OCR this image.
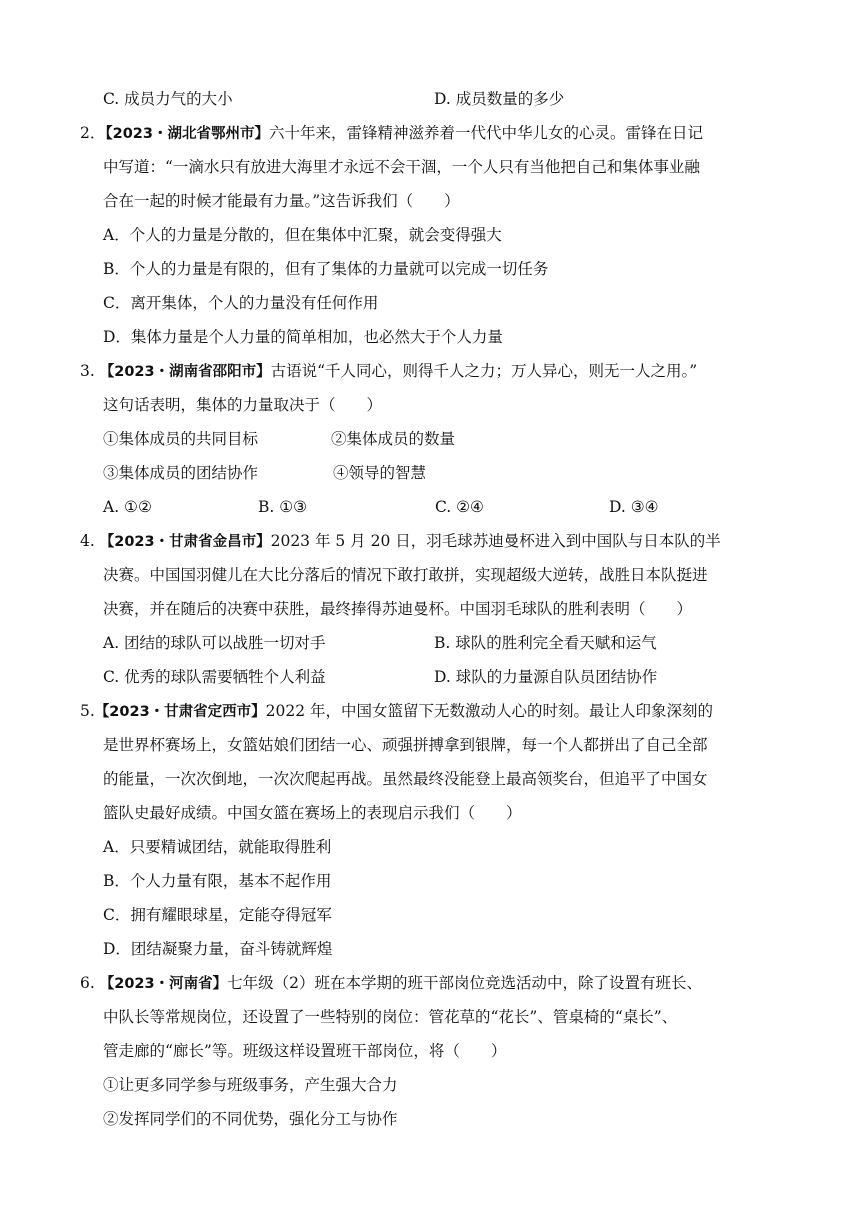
C. 成员力气的大小	D. 成员数量的多少
2．【2023・湖北省鄂州市】六十年来，雷锋精神滋养着一代代中华儿女的心灵。雷锋在日记
中写道：“一滴水只有放进大海里才永远不会干涸，一个人只有当他把自己和集体事业融
合在一起的时候才能最有力量。”这告诉我们（　　）
A．个人的力量是分散的，但在集体中汇聚，就会变得强大
B．个人的力量是有限的，但有了集体的力量就可以完成一切任务
C．离开集体，个人的力量没有任何作用
D．集体力量是个人力量的简单相加，也必然大于个人力量
3. 【2023・湖南省邵阳市】古语说“千人同心，则得千人之力；万人异心，则无一人之用。”
这句话表明，集体的力量取决于（　　）
①集体成员的共同目标	②集体成员的数量
③集体成员的团结协作	④领导的智慧
A. ①②	B. ①③	C. ②④	D. ③④
4. 【2023・甘肃省金昌市】2023 年 5 月 20 日，羽毛球苏迪曼杯进入到中国队与日本队的半
决赛。中国国羽健儿在大比分落后的情况下敢打敢拼，实现超级大逆转，战胜日本队挺进
决赛，并在随后的决赛中获胜，最终捧得苏迪曼杯。中国羽毛球队的胜利表明（　　）
A. 团结的球队可以战胜一切对手	B. 球队的胜利完全看天赋和运气
C. 优秀的球队需要牺牲个人利益	D. 球队的力量源自队员团结协作
5.【2023・甘肃省定西市】2022 年，中国女篮留下无数激动人心的时刻。最让人印象深刻的
是世界杯赛场上，女篮姑娘们团结一心、顽强拼搏拿到银牌，每一个人都拼出了自己全部
的能量，一次次倒地，一次次爬起再战。虽然最终没能登上最高领奖台，但追平了中国女
篮队史最好成绩。中国女篮在赛场上的表现启示我们（　　）
A．只要精诚团结，就能取得胜利
B．个人力量有限，基本不起作用
C．拥有耀眼球星，定能夺得冠军
D．团结凝聚力量，奋斗铸就辉煌
6. 【2023・河南省】七年级（2）班在本学期的班干部岗位竞选活动中，除了设置有班长、
中队长等常规岗位，还设置了一些特别的岗位：管花草的“花长”、管桌椅的“桌长”、
管走廊的“廊长”等。班级这样设置班干部岗位，将（　　）
①让更多同学参与班级事务，产生强大合力
②发挥同学们的不同优势，强化分工与协作
